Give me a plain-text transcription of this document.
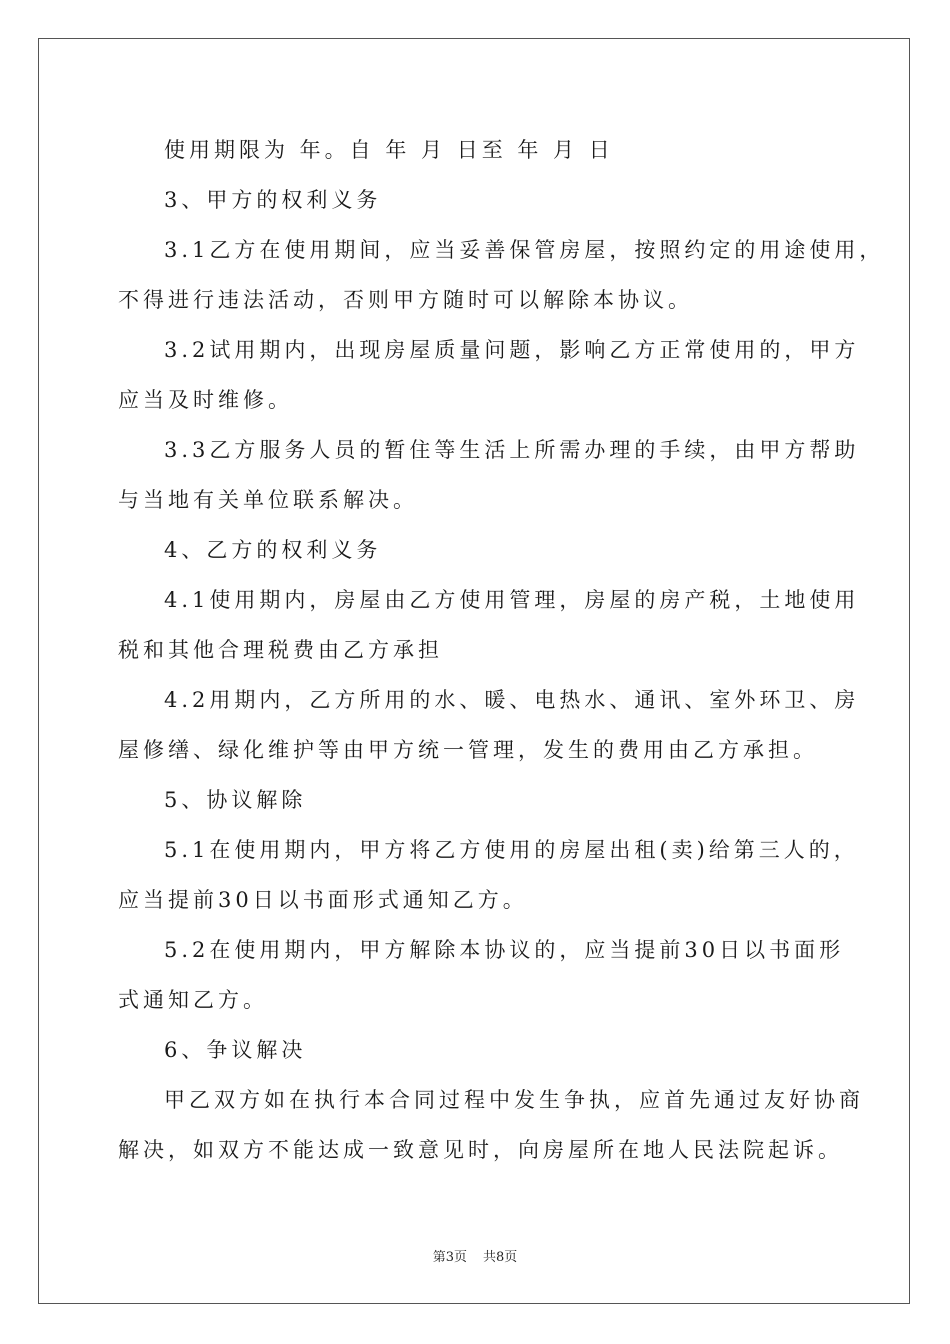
使用期限为 年。自 年 月 日至 年 月 日
3、甲方的权利义务
3.1乙方在使用期间，应当妥善保管房屋，按照约定的用途使用，
不得进行违法活动，否则甲方随时可以解除本协议。
3.2试用期内，出现房屋质量问题，影响乙方正常使用的，甲方
应当及时维修。
3.3乙方服务人员的暂住等生活上所需办理的手续，由甲方帮助
与当地有关单位联系解决。
4、乙方的权利义务
4.1使用期内，房屋由乙方使用管理，房屋的房产税，土地使用
税和其他合理税费由乙方承担
4.2用期内，乙方所用的水、暖、电热水、通讯、室外环卫、房
屋修缮、绿化维护等由甲方统一管理，发生的费用由乙方承担。
5、协议解除
5.1在使用期内，甲方将乙方使用的房屋出租(卖)给第三人的，
应当提前30日以书面形式通知乙方。
5.2在使用期内，甲方解除本协议的，应当提前30日以书面形
式通知乙方。
6、争议解决
甲乙双方如在执行本合同过程中发生争执，应首先通过友好协商
解决，如双方不能达成一致意见时，向房屋所在地人民法院起诉。
第3页 共8页
